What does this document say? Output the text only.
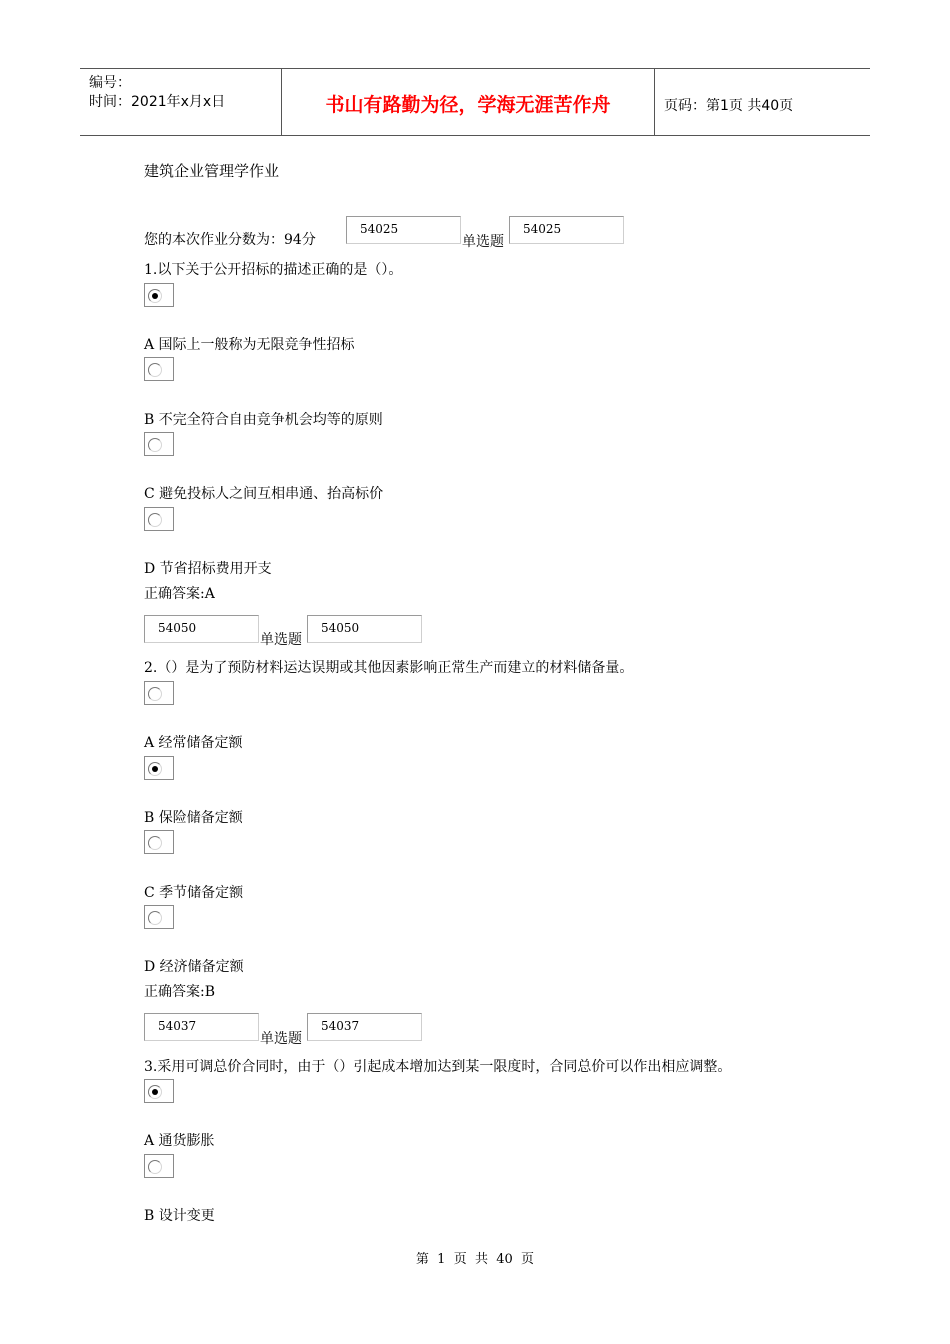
编号：
时间：2021年x月x日	书山有路勤为径，学海无涯苦作舟	页码：第1页 共40页
建筑企业管理学作业
您的本次作业分数为：94分
54025
单选题
54025
1.以下关于公开招标的描述正确的是（）。
A 国际上一般称为无限竞争性招标
B 不完全符合自由竞争机会均等的原则
C 避免投标人之间互相串通、抬高标价
D 节省招标费用开支
正确答案:A
54050
单选题
54050
2.（）是为了预防材料运达误期或其他因素影响正常生产而建立的材料储备量。
A 经常储备定额
B 保险储备定额
C 季节储备定额
D 经济储备定额
正确答案:B
54037
单选题
54037
3.采用可调总价合同时，由于（）引起成本增加达到某一限度时，合同总价可以作出相应调整。
A 通货膨胀
B 设计变更
第  1  页  共  40  页
